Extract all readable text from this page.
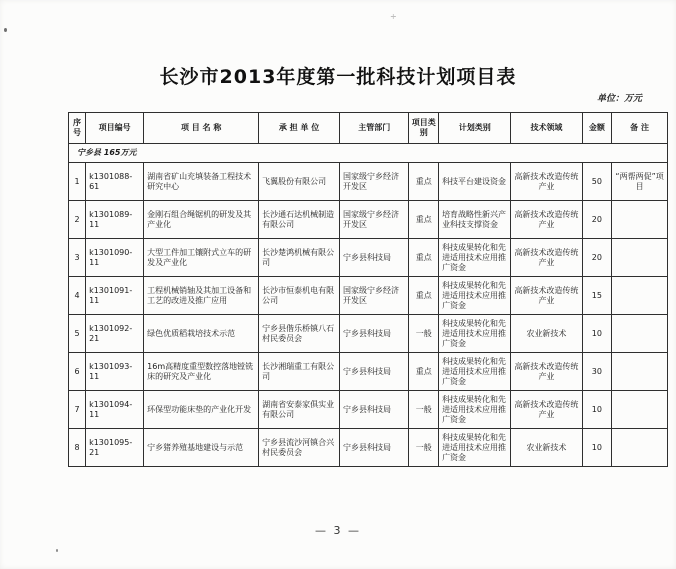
÷
长沙市2013年度第一批科技计划项目表
单位：万元
序号	项目编号	项 目 名 称	承 担 单 位	主管部门	项目类别	计划类别	技术领域	金额	备 注
宁乡县 165万元									
1	k1301088-61	湖南省矿山充填装备工程技术研究中心	飞翼股份有限公司	国家级宁乡经济开发区	重点	科技平台建设资金	高新技术改造传统产业	50	“两帮两促”项目
2	k1301089-11	金刚石组合绳锯机的研发及其产业化	长沙通石达机械制造有限公司	国家级宁乡经济开发区	重点	培育战略性新兴产业科技支撑资金	高新技术改造传统产业	20	
3	k1301090-11	大型工件加工镶附式立车的研发及产业化	长沙楚鸿机械有限公司	宁乡县科技局	重点	科技成果转化和先进适用技术应用推广资金	高新技术改造传统产业	20	
4	k1301091-11	工程机械销轴及其加工设备和工艺的改进及推广应用	长沙市恒泰机电有限公司	国家级宁乡经济开发区	重点	科技成果转化和先进适用技术应用推广资金	高新技术改造传统产业	15	
5	k1301092-21	绿色优质稻栽培技术示范	宁乡县偕乐桥镇八石村民委员会	宁乡县科技局	一般	科技成果转化和先进适用技术应用推广资金	农业新技术	10	
6	k1301093-11	16m高精度重型数控落地镗铣床的研究及产业化	长沙湘瑞重工有限公司	宁乡县科技局	重点	科技成果转化和先进适用技术应用推广资金	高新技术改造传统产业	30	
7	k1301094-11	环保型功能床垫的产业化开发	湖南省安泰家俱实业有限公司	宁乡县科技局	一般	科技成果转化和先进适用技术应用推广资金	高新技术改造传统产业	10	
8	k1301095-21	宁乡猪养殖基地建设与示范	宁乡县流沙河镇合兴村民委员会	宁乡县科技局	一般	科技成果转化和先进适用技术应用推广资金	农业新技术	10	
— 3 —
